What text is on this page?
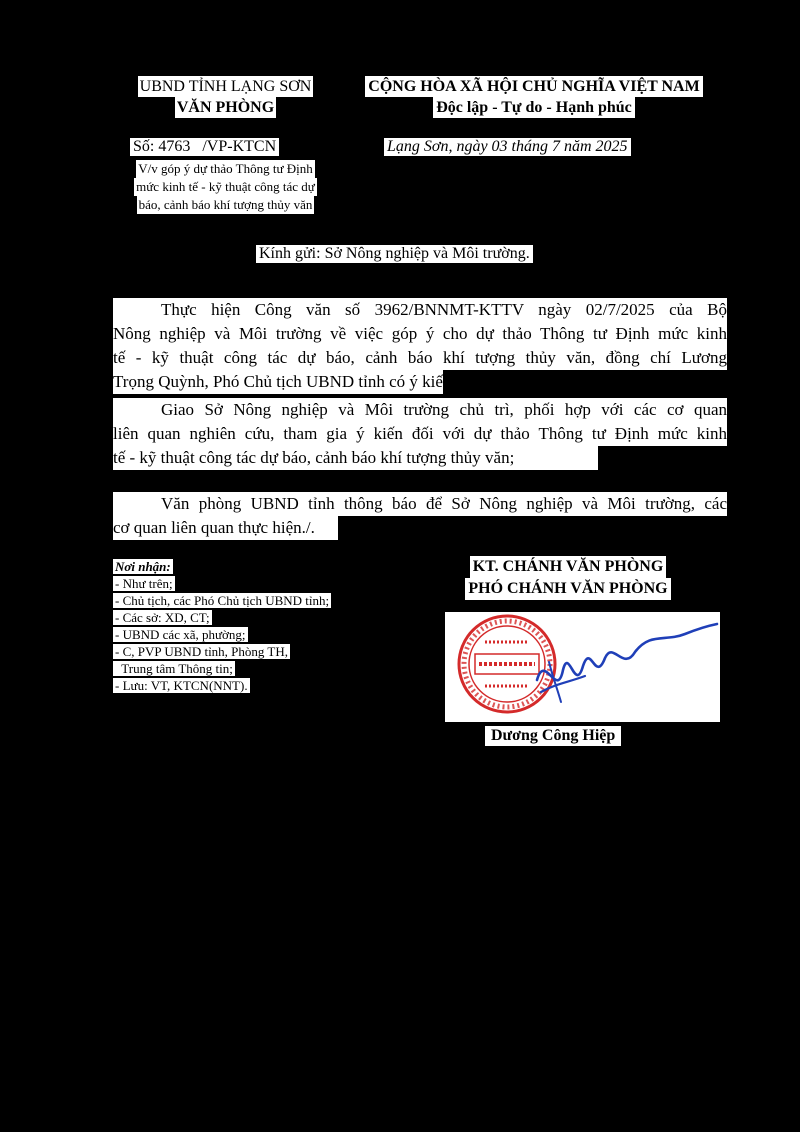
UBND TỈNH LẠNG SƠN
VĂN PHÒNG
CỘNG HÒA XÃ HỘI CHỦ NGHĨA VIỆT NAM
Độc lập - Tự do - Hạnh phúc
Số: 4763   /VP-KTCN	Lạng Sơn, ngày 03 tháng 7 năm 2025
V/v góp ý dự thảo Thông tư Định
mức kinh tế - kỹ thuật công tác dự
báo, cảnh báo khí tượng thủy văn
Kính gửi: Sở Nông nghiệp và Môi trường.
Thực hiện Công văn số 3962/BNNMT-KTTV ngày 02/7/2025 của Bộ
Nông nghiệp và Môi trường về việc góp ý cho dự thảo Thông tư Định mức kinh
tế - kỹ thuật công tác dự báo, cảnh báo khí tượng thủy văn, đồng chí Lương
Trọng Quỳnh, Phó Chủ tịch UBND tỉnh có ý kiến như sau:
Giao Sở Nông nghiệp và Môi trường chủ trì, phối hợp với các cơ quan
liên quan nghiên cứu, tham gia ý kiến đối với dự thảo Thông tư Định mức kinh
tế - kỹ thuật công tác dự báo, cảnh báo khí tượng thủy văn;
Văn phòng UBND tỉnh thông báo để Sở Nông nghiệp và Môi trường, các
cơ quan liên quan thực hiện./.
Nơi nhận:
- Như trên;
- Chủ tịch, các Phó Chủ tịch UBND tỉnh;
- Các sở: XD, CT;
- UBND các xã, phường;
- C, PVP UBND tỉnh, Phòng TH,
Trung tâm Thông tin;
- Lưu: VT, KTCN(NNT).
KT. CHÁNH VĂN PHÒNG
PHÓ CHÁNH VĂN PHÒNG
Dương Công Hiệp
